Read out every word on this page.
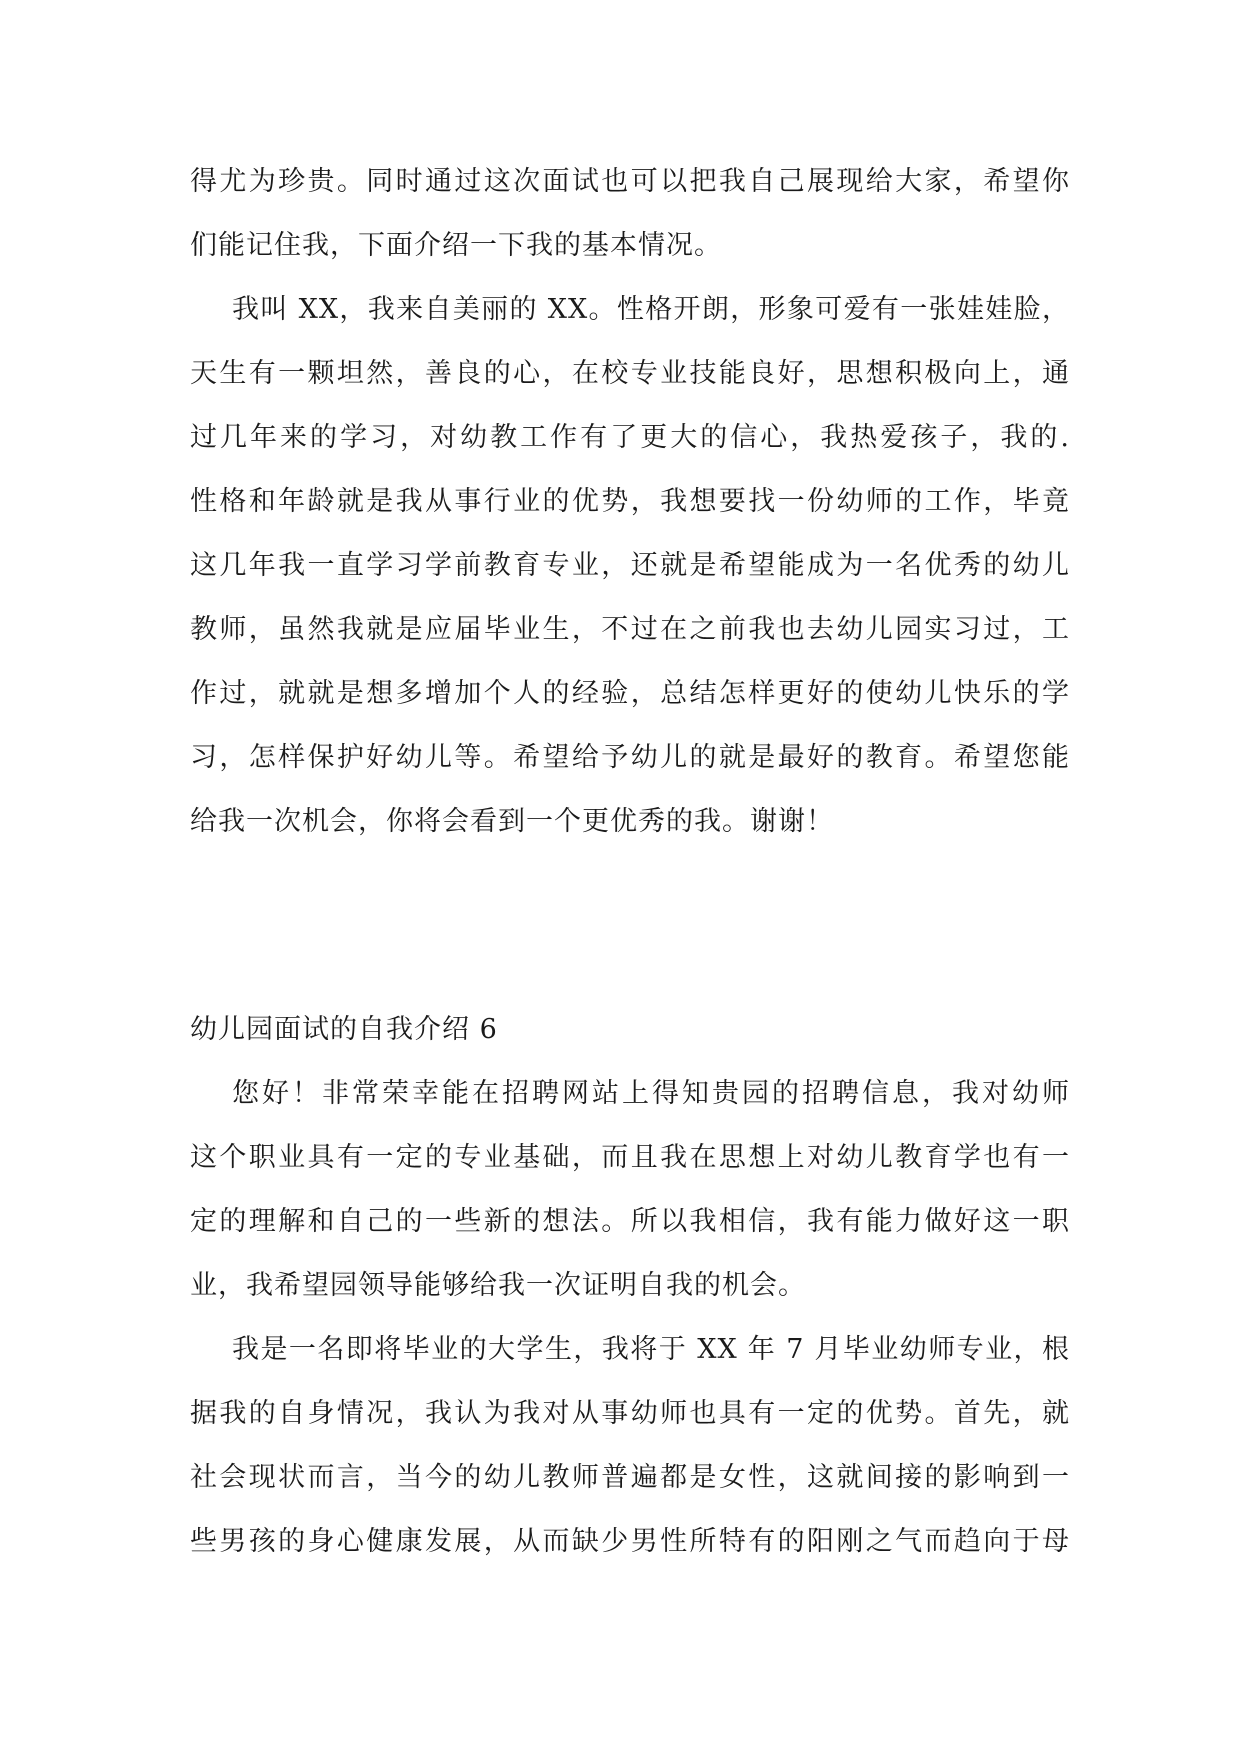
得尤为珍贵。同时通过这次面试也可以把我自己展现给大家，希望你
们能记住我，下面介绍一下我的基本情况。
我叫 XX，我来自美丽的 XX。性格开朗，形象可爱有一张娃娃脸，
天生有一颗坦然，善良的心，在校专业技能良好，思想积极向上，通
过几年来的学习，对幼教工作有了更大的信心，我热爱孩子，我的.
性格和年龄就是我从事行业的优势，我想要找一份幼师的工作，毕竟
这几年我一直学习学前教育专业，还就是希望能成为一名优秀的幼儿
教师，虽然我就是应届毕业生，不过在之前我也去幼儿园实习过，工
作过，就就是想多增加个人的经验，总结怎样更好的使幼儿快乐的学
习，怎样保护好幼儿等。希望给予幼儿的就是最好的教育。希望您能
给我一次机会，你将会看到一个更优秀的我。谢谢！
幼儿园面试的自我介绍 6
您好！非常荣幸能在招聘网站上得知贵园的招聘信息，我对幼师
这个职业具有一定的专业基础，而且我在思想上对幼儿教育学也有一
定的理解和自己的一些新的想法。所以我相信，我有能力做好这一职
业，我希望园领导能够给我一次证明自我的机会。
我是一名即将毕业的大学生，我将于 XX 年 7 月毕业幼师专业，根
据我的自身情况，我认为我对从事幼师也具有一定的优势。首先，就
社会现状而言，当今的幼儿教师普遍都是女性，这就间接的影响到一
些男孩的身心健康发展，从而缺少男性所特有的阳刚之气而趋向于母
